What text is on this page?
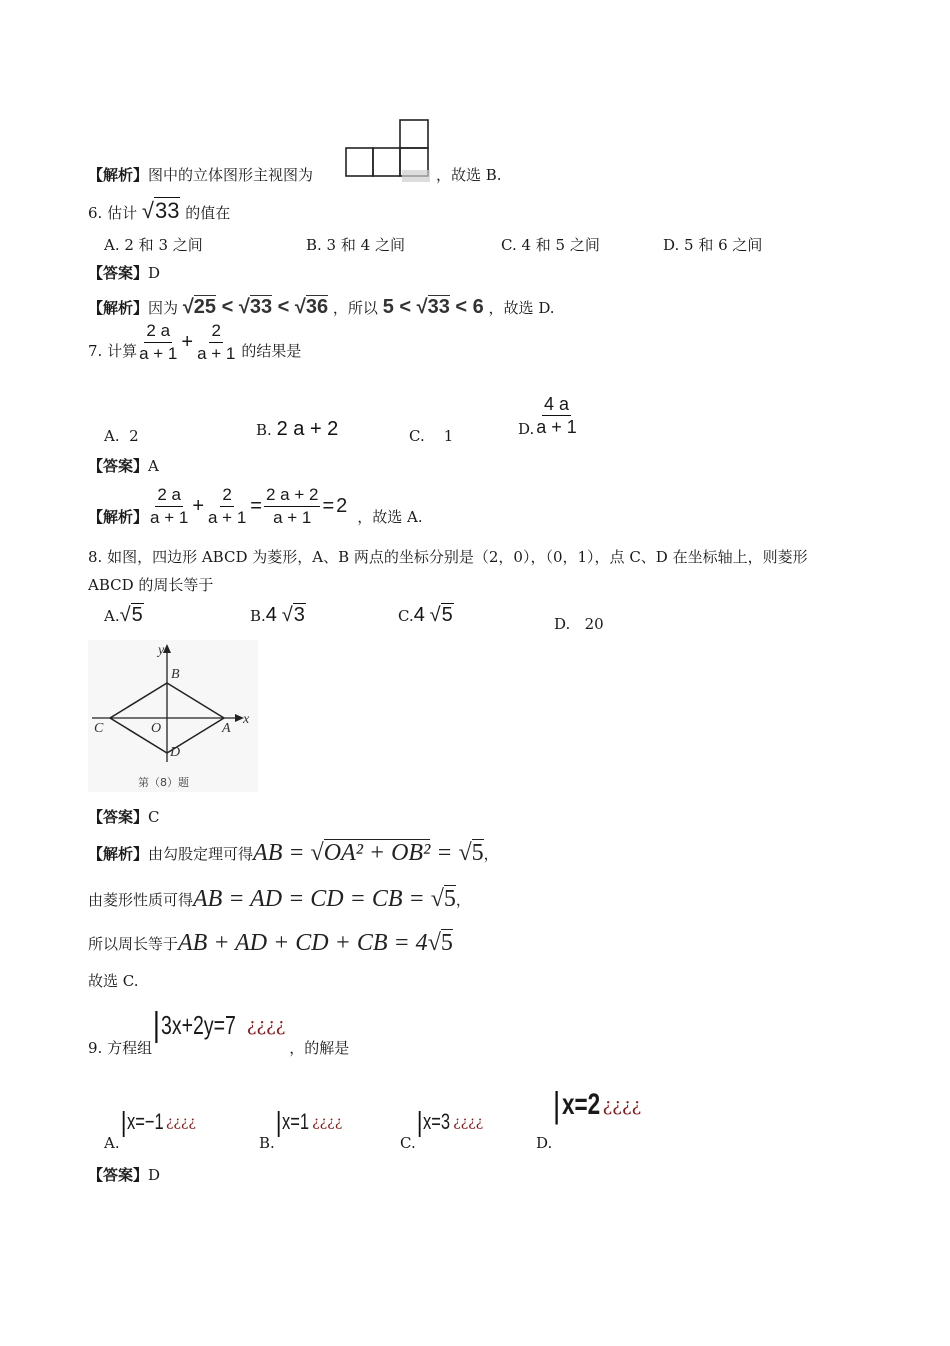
【解析】图中的立体图形主视图为	，故选 B.
6. 估计 √33 的值在
A. 2 和 3 之间	B. 3 和 4 之间	C. 4 和 5 之间	D. 5 和 6 之间
【答案】D
【解析】因为 √25 < √33 < √36 ，所以 5 < √33 < 6 ，故选 D.
7. 计算 $\frac{2 a}{a + 1} + \frac{2}{a + 1}$ 的结果是
A. 2	B. 2 a + 2	C. 1	D. $\frac{4 a}{a + 1}$
【答案】A
【解析】 $\frac{2 a}{a + 1} + \frac{2}{a + 1} = \frac{2 a + 2}{a + 1} = 2$ ，故选 A.
8. 如图，四边形 ABCD 为菱形，A、B 两点的坐标分别是（2，0），（0，1），点 C、D 在坐标轴上，则菱形
ABCD 的周长等于
A.√5	B.4 √3	C.4 √5	D. 20
y
x
B
O
C	A
D
第（8）题
【答案】C
【解析】 由勾股定理可得 AB = √OA² + OB² = √5 ，
由菱形性质可得 AB = AD = CD = CB = √5 ，
所以周长等于 AB + AD + CD + CB = 4√5
故选 C.
9. 方程组
| 3x+2y=7 ¿¿¿¿
，的解是
A.
| x=−1 ¿¿¿¿
B.
| x=1 ¿¿¿¿
C.
| x=3 ¿¿¿¿
D.
| x=2 ¿¿¿¿
【答案】D
